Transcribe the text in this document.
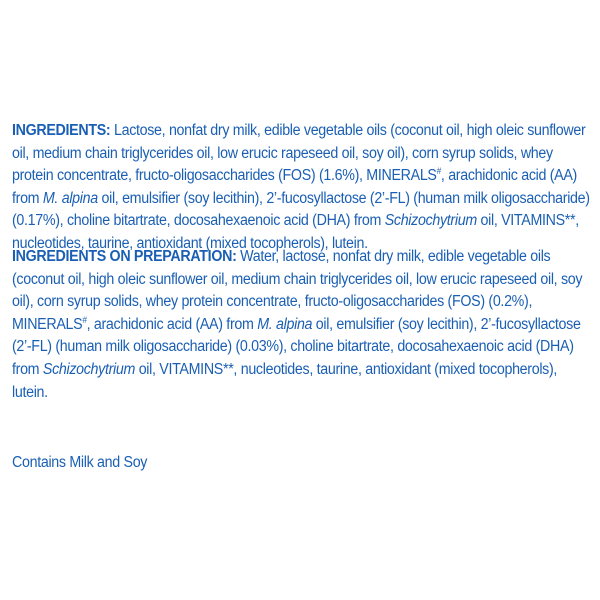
INGREDIENTS: Lactose, nonfat dry milk, edible vegetable oils (coconut oil, high oleic sunflower oil, medium chain triglycerides oil, low erucic rapeseed oil, soy oil), corn syrup solids, whey protein concentrate, fructo-oligosaccharides (FOS) (1.6%), MINERALS#, arachidonic acid (AA) from M. alpina oil, emulsifier (soy lecithin), 2’-fucosyllactose (2’-FL) (human milk oligosaccharide) (0.17%), choline bitartrate, docosahexaenoic acid (DHA) from Schizochytrium oil, VITAMINS**, nucleotides, taurine, antioxidant (mixed tocopherols), lutein.
INGREDIENTS ON PREPARATION: Water, lactose, nonfat dry milk, edible vegetable oils (coconut oil, high oleic sunflower oil, medium chain triglycerides oil, low erucic rapeseed oil, soy oil), corn syrup solids, whey protein concentrate, fructo-oligosaccharides (FOS) (0.2%), MINERALS#, arachidonic acid (AA) from M. alpina oil, emulsifier (soy lecithin), 2’-fucosyllactose (2’-FL) (human milk oligosaccharide) (0.03%), choline bitartrate, docosahexaenoic acid (DHA) from Schizochytrium oil, VITAMINS**, nucleotides, taurine, antioxidant (mixed tocopherols), lutein.
Contains Milk and Soy
